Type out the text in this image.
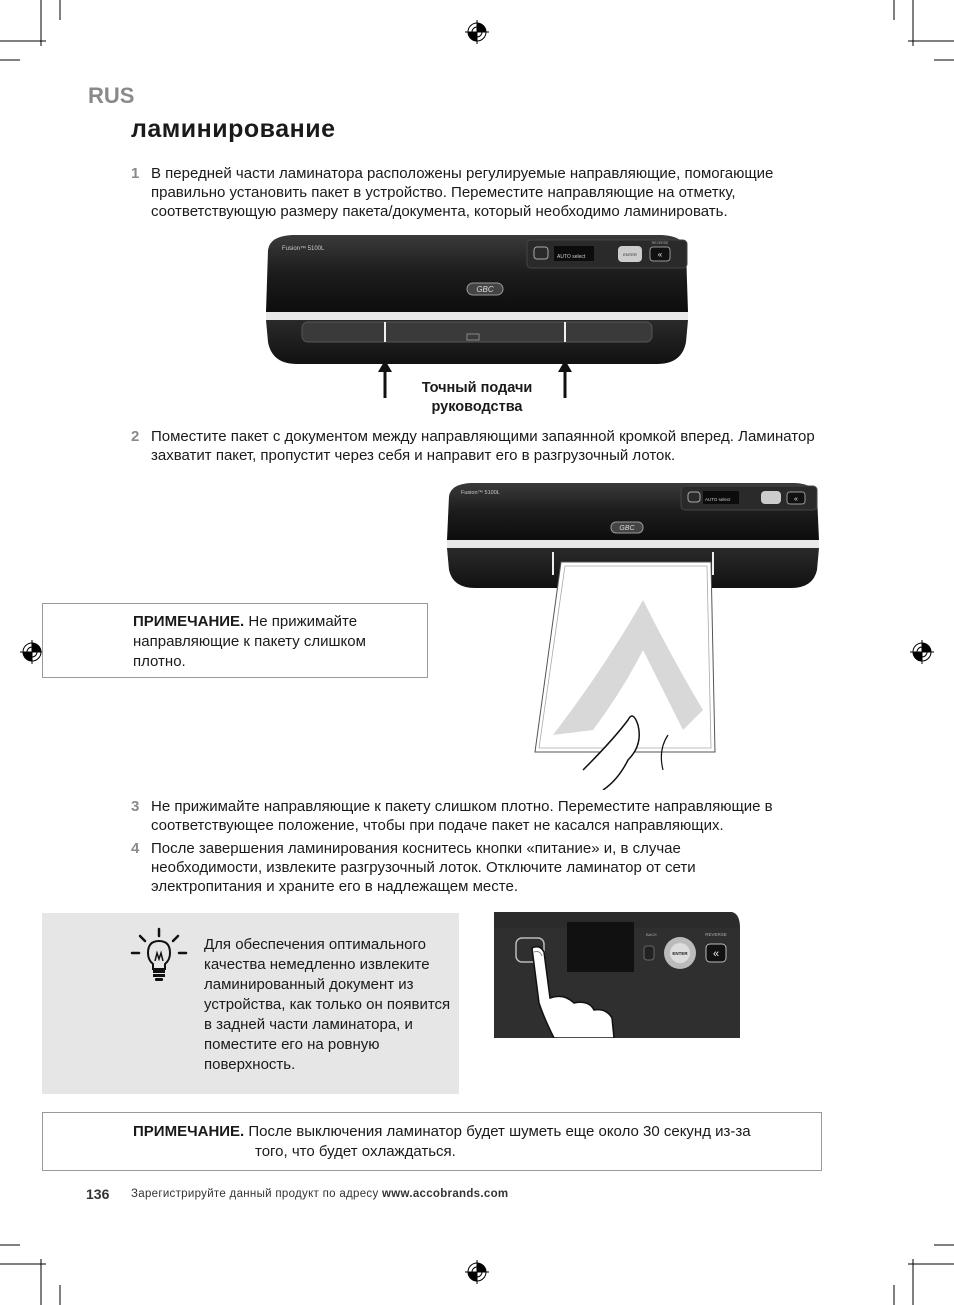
RUS
ламинирование
1 В передней части ламинатора расположены регулируемые направляющие, помогающие правильно установить пакет в устройство. Переместите направляющие на отметку, соответствующую размеру пакета/документа, который необходимо ламинировать.
Fusion™ 5100L
GBC
AUTO select	ENTER	«
REVERSE
Точный подачи
руководства
2 Поместите пакет с документом между направляющими запаянной кромкой вперед. Ламинатор захватит пакет, пропустит через себя и направит его в разгрузочный лоток.
Fusion™ 5100L
GBC
AUTO select	«
ПРИМЕЧАНИЕ. Не прижимайте направляющие к пакету слишком плотно.
3 Не прижимайте направляющие к пакету слишком плотно. Переместите направляющие в соответствующее положение, чтобы при подаче пакет не касался направляющих.
4 После завершения ламинирования коснитесь кнопки «питание» и, в случае необходимости, извлеките разгрузочный лоток. Отключите ламинатор от сети электропитания и храните его в надлежащем месте.
Для обеспечения оптимального качества немедленно извлеките ламинированный документ из устройства, как только он появится в задней части ламинатора, и поместите его на ровную поверхность.
BACK
ENTER
REVERSE
«
ПРИМЕЧАНИЕ. После выключения ламинатор будет шуметь еще около 30 секунд из-за
того, что будет охлаждаться.
136 Зарегистрируйте данный продукт по адресу www.accobrands.com
